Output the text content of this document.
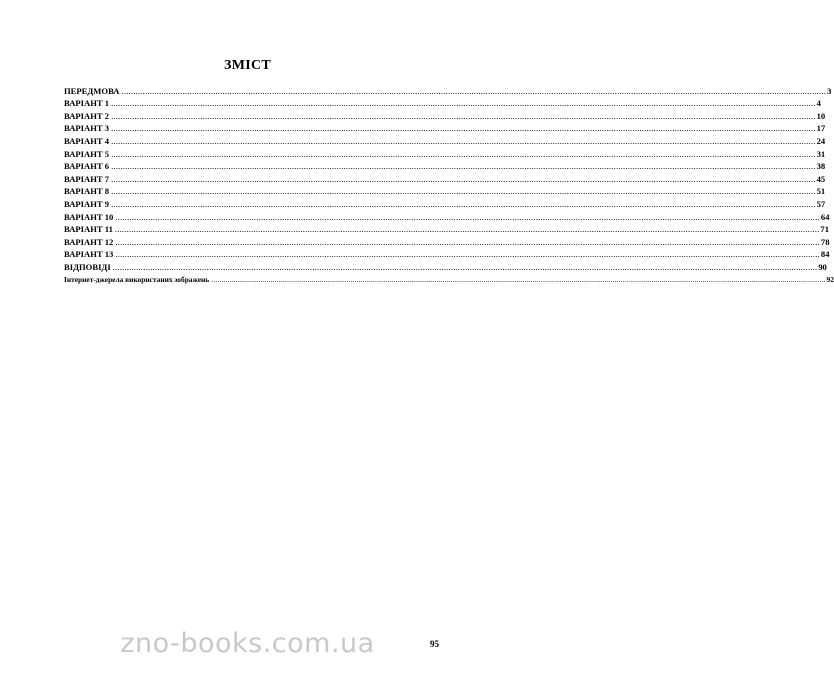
ЗМІСТ
ПЕРЕДМОВА ............................................................................................................................................................................................................................................................................................................ 3
ВАРІАНТ 1 ............................................................................................................................................................................................................................................................................................................ 4
ВАРІАНТ 2 ............................................................................................................................................................................................................................................................................................................ 10
ВАРІАНТ 3 ............................................................................................................................................................................................................................................................................................................ 17
ВАРІАНТ 4 ............................................................................................................................................................................................................................................................................................................ 24
ВАРІАНТ 5 ............................................................................................................................................................................................................................................................................................................ 31
ВАРІАНТ 6 ............................................................................................................................................................................................................................................................................................................ 38
ВАРІАНТ 7 ............................................................................................................................................................................................................................................................................................................ 45
ВАРІАНТ 8 ............................................................................................................................................................................................................................................................................................................ 51
ВАРІАНТ 9 ............................................................................................................................................................................................................................................................................................................ 57
ВАРІАНТ 10 ............................................................................................................................................................................................................................................................................................................ 64
ВАРІАНТ 11 ............................................................................................................................................................................................................................................................................................................ 71
ВАРІАНТ 12 ............................................................................................................................................................................................................................................................................................................ 78
ВАРІАНТ 13 ............................................................................................................................................................................................................................................................................................................ 84
ВІДПОВІДІ ............................................................................................................................................................................................................................................................................................................ 90
Інтернет-джерела використаних зображень ............................................................................................................................................................................................................................................................................................................ 92
zno-books.com.ua	95
